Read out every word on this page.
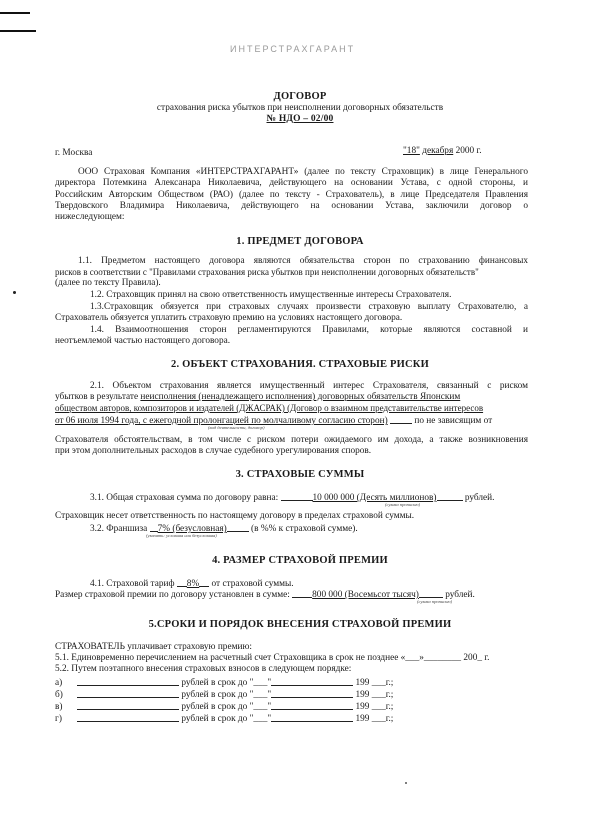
ИНТЕРСТРАХГАРАНТ
ДОГОВОР
страхования риска убытков при неисполнении договорных обязательств
№ НДО – 02/00
г. Москва	"18" декабря 2000 г.
ООО Страховая Компания «ИНТЕРСТРАХГАРАНТ» (далее по тексту Страховщик) в лице Генерального
директора Потемкина Алексанара Николаевича, действующего на основании Устава, с одной стороны, и
Российским Авторским Обществом (РАО) (далее по тексту - Страхователь), в лице Председателя Правления
Твердовского Владимира Николаевича, действующего на основании Устава, заключили договор о
нижеследующем:
1. ПРЕДМЕТ ДОГОВОРА
1.1. Предметом настоящего договора являются обязательства сторон по страхованию финансовых
рисков в соответствии с "Правилами страхования риска убытков при неисполнении договорных обязательств"
(далее по тексту Правила).
1.2. Страховщик принял на свою ответственность имущественные интересы Страхователя.
1.3.Страховщик обязуется при страховых случаях произвести страховую выплату Страхователю, а
Страхователь обязуется уплатить страховую премию на условиях настоящего договора.
1.4. Взаимоотношения сторон регламентируются Правилами, которые являются составной и
неотъемлемой частью настоящего договора.
2. ОБЪЕКТ СТРАХОВАНИЯ. СТРАХОВЫЕ РИСКИ
2.1. Объектом страхования является имущественный интерес Страхователя, связанный с риском
убытков в результате неисполнения (ненадлежащего исполнения) договорных обязательств Японским
обществом авторов, композиторов и издателей (ДЖАСРАК) (Договор о взаимном представительстве интересов
от 06 июля 1994 года, с ежегодной пролонгацией по молчаливому согласию сторон)	по не зависящим от
(вид деятельности, договор)
Страхователя обстоятельствам, в том числе с риском потери ожидаемого им дохода, а также возникновения
при этом дополнительных расходов в случае судебного урегулирования споров.
3. СТРАХОВЫЕ СУММЫ
3.1. Общая страховая сумма по договору равна:	10 000 000 (Десять миллионов)	рублей.
(сумма прописью)
Страховщик несет ответственность по настоящему договору в пределах страховой суммы.
3.2. Франшиза 7% (безусловная)	(в %% к страховой сумме).
(указать: условная или безусловная)
4. РАЗМЕР СТРАХОВОЙ ПРЕМИИ
4.1. Страховой тариф 8% от страховой суммы.
Размер страховой премии по договору установлен в сумме: 800 000 (Восемьсот тысяч)	рублей.
(сумма прописью)
5.СРОКИ И ПОРЯДОК ВНЕСЕНИЯ СТРАХОВОЙ ПРЕМИИ
СТРАХОВАТЕЛЬ уплачивает страховую премию:
5.1. Единовременно перечислением на расчетный счет Страховщика в срок не позднее «___»________ 200_ г.
5.2. Путем поэтапного внесения страховых взносов в следующем порядке:
а)	рублей в срок до "___"	199 ___г.;
б)	рублей в срок до "___"	199 ___г.;
в)	рублей в срок до "___"	199 ___г.;
г)	рублей в срок до "___"	199 ___г.;
